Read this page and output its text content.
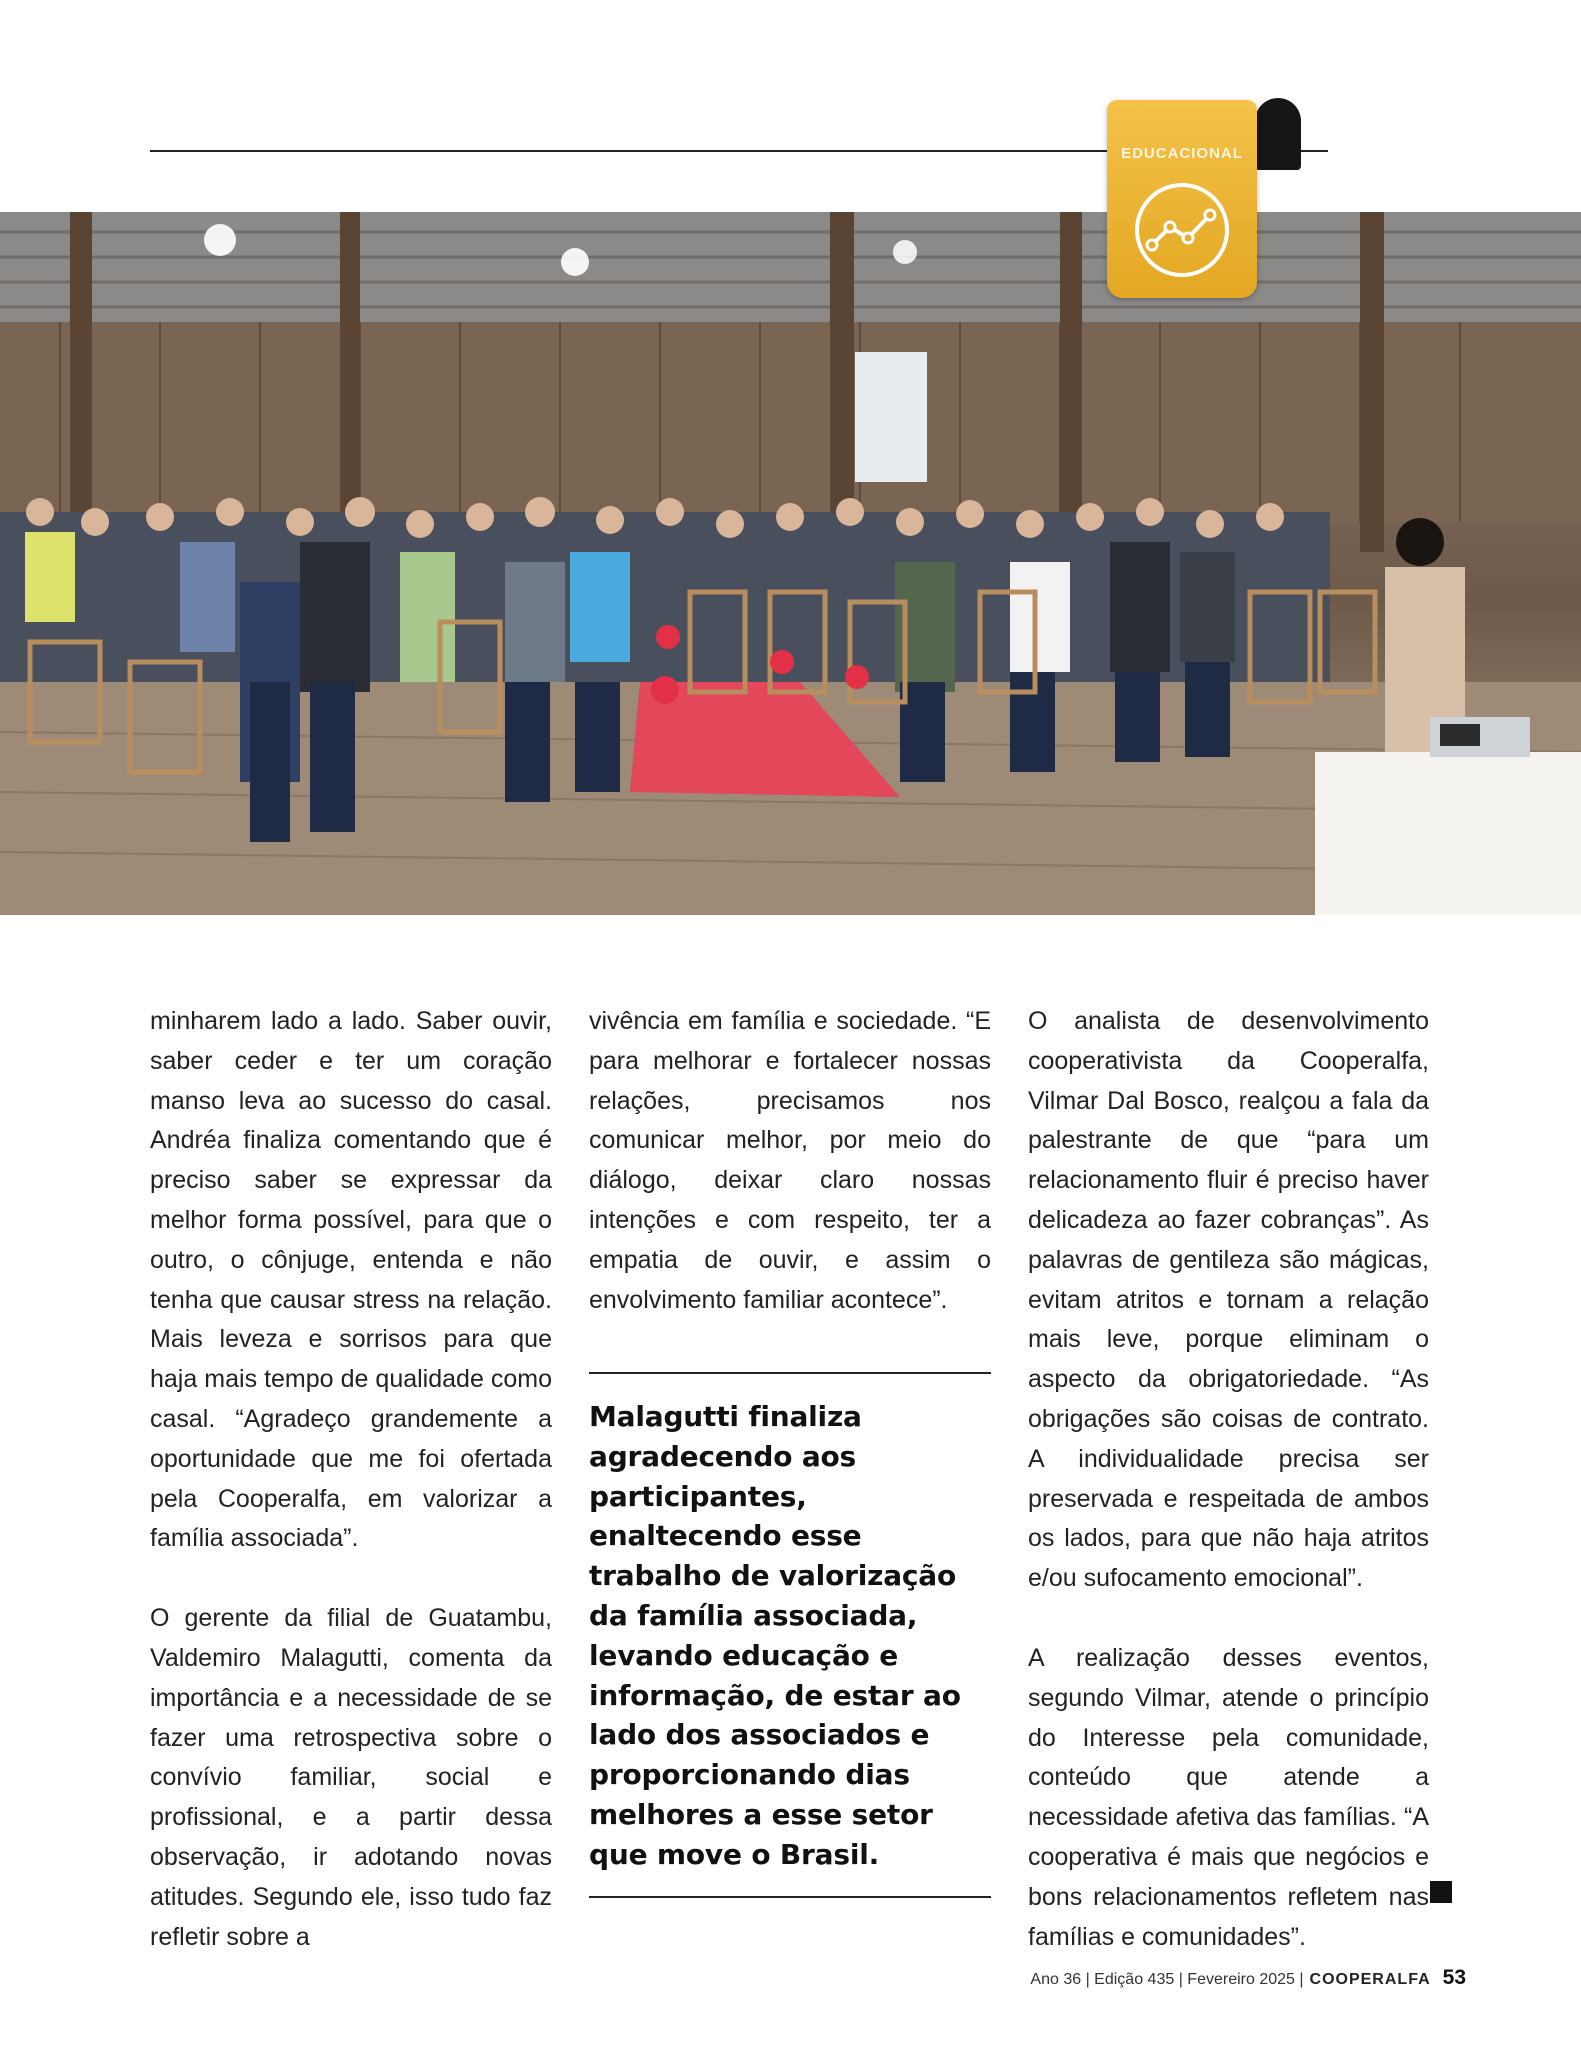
EDUCACIONAL

minharem lado a lado. Saber ouvir, saber ceder e ter um coração manso leva ao sucesso do casal. Andréa finaliza comentando que é preciso saber se expressar da melhor forma possível, para que o outro, o cônjuge, entenda e não tenha que causar stress na relação. Mais leveza e sorrisos para que haja mais tempo de qualidade como casal. “Agradeço grandemente a oportunidade que me foi ofertada pela Cooperalfa, em valorizar a família associada”.

O gerente da filial de Guatambu, Valdemiro Malagutti, comenta da importância e a necessidade de se fazer uma retrospectiva sobre o convívio familiar, social e profissional, e a partir dessa observação, ir adotando novas atitudes. Segundo ele, isso tudo faz refletir sobre a

vivência em família e sociedade. “E para melhorar e fortalecer nossas relações, precisamos nos comunicar melhor, por meio do diálogo, deixar claro nossas intenções e com respeito, ter a empatia de ouvir, e assim o envolvimento familiar acontece”.

Malagutti finaliza agradecendo aos participantes, enaltecendo esse trabalho de valorização da família associada, levando educação e informação, de estar ao lado dos associados e proporcionando dias melhores a esse setor que move o Brasil.

O analista de desenvolvimento cooperativista da Cooperalfa, Vilmar Dal Bosco, realçou a fala da palestrante de que “para um relacionamento fluir é preciso haver delicadeza ao fazer cobranças”. As palavras de gentileza são mágicas, evitam atritos e tornam a relação mais leve, porque eliminam o aspecto da obrigatoriedade. “As obrigações são coisas de contrato. A individualidade precisa ser preservada e respeitada de ambos os lados, para que não haja atritos e/ou sufocamento emocional”.

A realização desses eventos, segundo Vilmar, atende o princípio do Interesse pela comunidade, conteúdo que atende a necessidade afetiva das famílias. “A cooperativa é mais que negócios e bons relacionamentos refletem nas famílias e comunidades”.

Ano 36 | Edição 435 | Fevereiro 2025 | COOPERALFA 53
